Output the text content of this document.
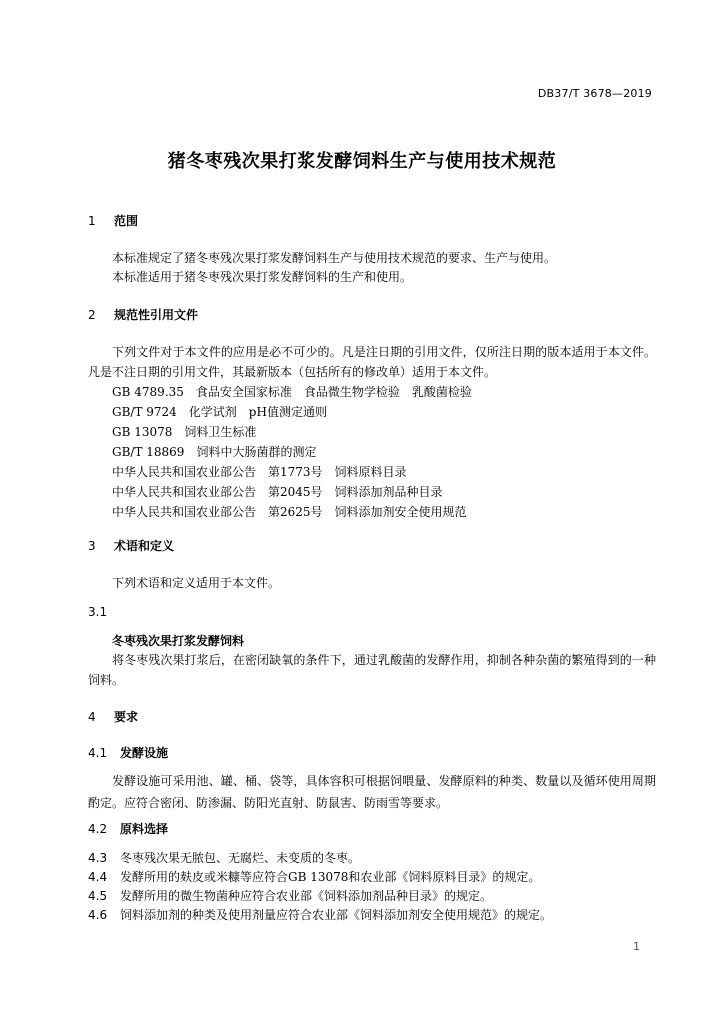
DB37/T 3678—2019
猪冬枣残次果打浆发酵饲料生产与使用技术规范
1 范围
本标准规定了猪冬枣残次果打浆发酵饲料生产与使用技术规范的要求、生产与使用。
本标准适用于猪冬枣残次果打浆发酵饲料的生产和使用。
2 规范性引用文件
下列文件对于本文件的应用是必不可少的。凡是注日期的引用文件，仅所注日期的版本适用于本文件。凡是不注日期的引用文件，其最新版本（包括所有的修改单）适用于本文件。
GB 4789.35　食品安全国家标准　食品微生物学检验　乳酸菌检验
GB/T 9724　化学试剂　pH值测定通则
GB 13078　饲料卫生标准
GB/T 18869　饲料中大肠菌群的测定
中华人民共和国农业部公告　第1773号　饲料原料目录
中华人民共和国农业部公告　第2045号　饲料添加剂品种目录
中华人民共和国农业部公告　第2625号　饲料添加剂安全使用规范
3 术语和定义
下列术语和定义适用于本文件。
3.1
冬枣残次果打浆发酵饲料
将冬枣残次果打浆后，在密闭缺氧的条件下，通过乳酸菌的发酵作用，抑制各种杂菌的繁殖得到的一种饲料。
4 要求
4.1 发酵设施
发酵设施可采用池、罐、桶、袋等，具体容积可根据饲喂量、发酵原料的种类、数量以及循环使用周期酌定。应符合密闭、防渗漏、防阳光直射、防鼠害、防雨雪等要求。
4.2 原料选择
4.3 冬枣残次果无脓包、无腐烂、未变质的冬枣。
4.4 发酵所用的麸皮或米糠等应符合GB 13078和农业部《饲料原料目录》的规定。
4.5 发酵所用的微生物菌种应符合农业部《饲料添加剂品种目录》的规定。
4.6 饲料添加剂的种类及使用剂量应符合农业部《饲料添加剂安全使用规范》的规定。
1
